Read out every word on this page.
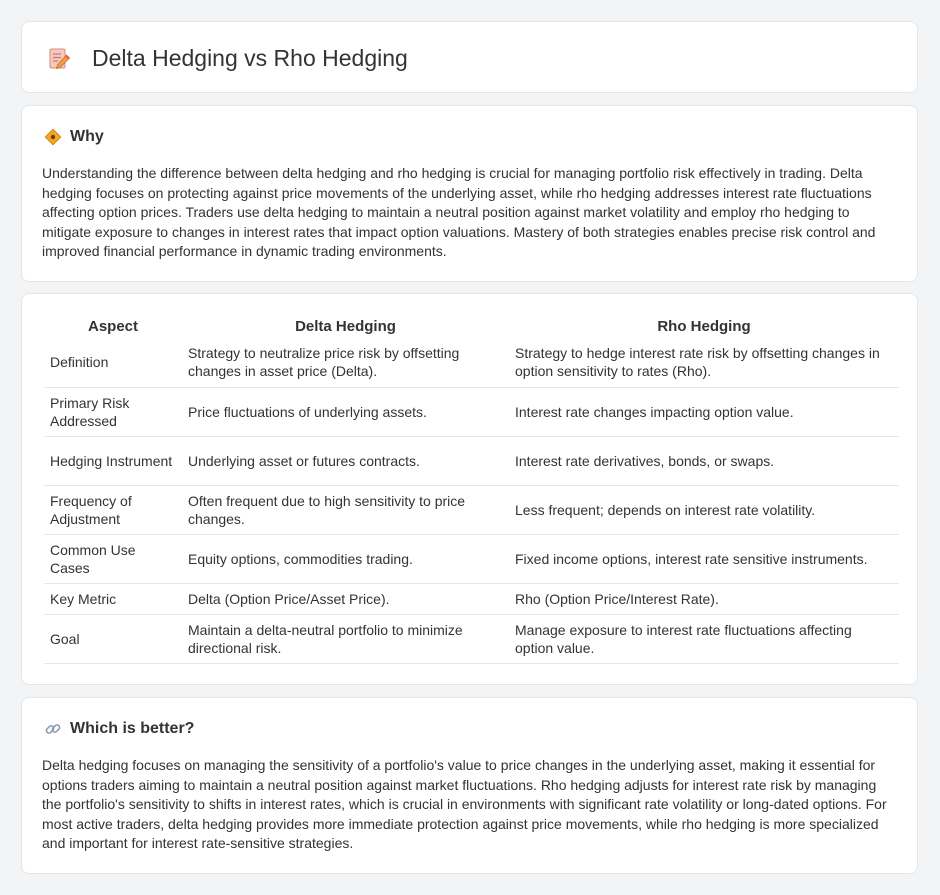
Delta Hedging vs Rho Hedging
Why

Understanding the difference between delta hedging and rho hedging is crucial for managing portfolio risk effectively in trading. Delta hedging focuses on protecting against price movements of the underlying asset, while rho hedging addresses interest rate fluctuations affecting option prices. Traders use delta hedging to maintain a neutral position against market volatility and employ rho hedging to mitigate exposure to changes in interest rates that impact option valuations. Mastery of both strategies enables precise risk control and improved financial performance in dynamic trading environments.

Aspect	Delta Hedging	Rho Hedging
Definition	Strategy to neutralize price risk by offsetting changes in asset price (Delta).	Strategy to hedge interest rate risk by offsetting changes in option sensitivity to rates (Rho).
Primary Risk Addressed	Price fluctuations of underlying assets.	Interest rate changes impacting option value.
Hedging Instrument	Underlying asset or futures contracts.	Interest rate derivatives, bonds, or swaps.
Frequency of Adjustment	Often frequent due to high sensitivity to price changes.	Less frequent; depends on interest rate volatility.
Common Use Cases	Equity options, commodities trading.	Fixed income options, interest rate sensitive instruments.
Key Metric	Delta (Option Price/Asset Price).	Rho (Option Price/Interest Rate).
Goal	Maintain a delta-neutral portfolio to minimize directional risk.	Manage exposure to interest rate fluctuations affecting option value.
Which is better?

Delta hedging focuses on managing the sensitivity of a portfolio's value to price changes in the underlying asset, making it essential for options traders aiming to maintain a neutral position against market fluctuations. Rho hedging adjusts for interest rate risk by managing the portfolio's sensitivity to shifts in interest rates, which is crucial in environments with significant rate volatility or long-dated options. For most active traders, delta hedging provides more immediate protection against price movements, while rho hedging is more specialized and important for interest rate-sensitive strategies.
